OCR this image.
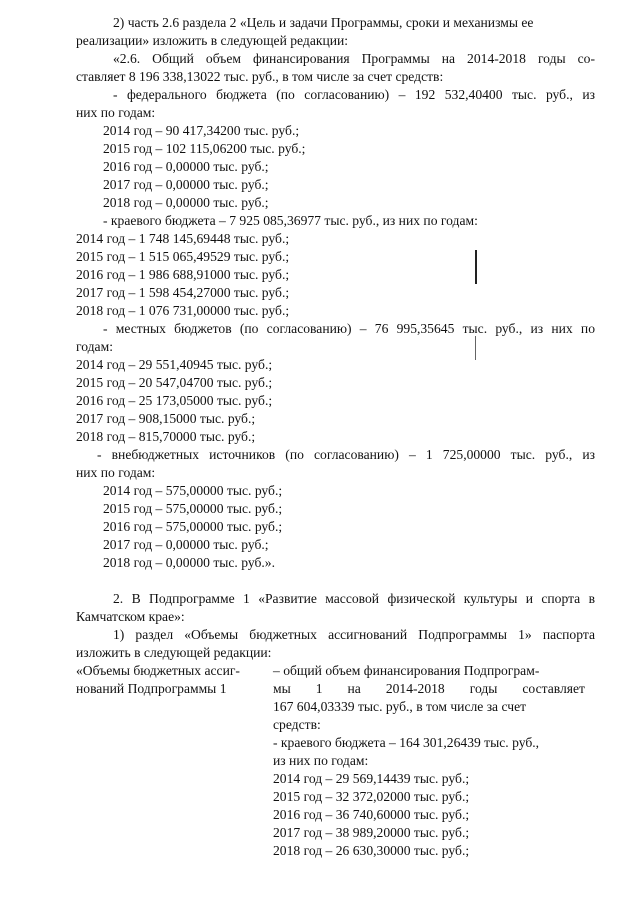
2) часть 2.6 раздела 2 «Цель и задачи Программы, сроки и механизмы ее
реализации» изложить в следующей редакции:
«2.6. Общий объем финансирования Программы на 2014-2018 годы со-
ставляет 8 196 338,13022 тыс. руб., в том числе за счет средств:
- федерального бюджета (по согласованию) – 192 532,40400 тыс. руб., из
них по годам:
2014 год – 90 417,34200 тыс. руб.;
2015 год – 102 115,06200 тыс. руб.;
2016 год – 0,00000 тыс. руб.;
2017 год – 0,00000 тыс. руб.;
2018 год – 0,00000 тыс. руб.;
- краевого бюджета – 7 925 085,36977 тыс. руб., из них по годам:
2014 год – 1 748 145,69448 тыс. руб.;
2015 год – 1 515 065,49529 тыс. руб.;
2016 год – 1 986 688,91000 тыс. руб.;
2017 год – 1 598 454,27000 тыс. руб.;
2018 год – 1 076 731,00000 тыс. руб.;
- местных бюджетов (по согласованию) – 76 995,35645 тыс. руб., из них по
годам:
2014 год – 29 551,40945 тыс. руб.;
2015 год – 20 547,04700 тыс. руб.;
2016 год – 25 173,05000 тыс. руб.;
2017 год – 908,15000 тыс. руб.;
2018 год – 815,70000 тыс. руб.;
- внебюджетных источников (по согласованию) – 1 725,00000 тыс. руб., из
них по годам:
2014 год – 575,00000 тыс. руб.;
2015 год – 575,00000 тыс. руб.;
2016 год – 575,00000 тыс. руб.;
2017 год – 0,00000 тыс. руб.;
2018 год – 0,00000 тыс. руб.».
2. В Подпрограмме 1 «Развитие массовой физической культуры и спорта в
Камчатском крае»:
1) раздел «Объемы бюджетных ассигнований Подпрограммы 1» паспорта
изложить в следующей редакции:
«Объемы бюджетных ассиг-
нований Подпрограммы 1
– общий объем финансирования Подпрограм-
мы 1 на 2014-2018 годы составляет
167 604,03339 тыс. руб., в том числе за счет
средств:
- краевого бюджета – 164 301,26439 тыс. руб.,
из них по годам:
2014 год – 29 569,14439 тыс. руб.;
2015 год – 32 372,02000 тыс. руб.;
2016 год – 36 740,60000 тыс. руб.;
2017 год – 38 989,20000 тыс. руб.;
2018 год – 26 630,30000 тыс. руб.;
